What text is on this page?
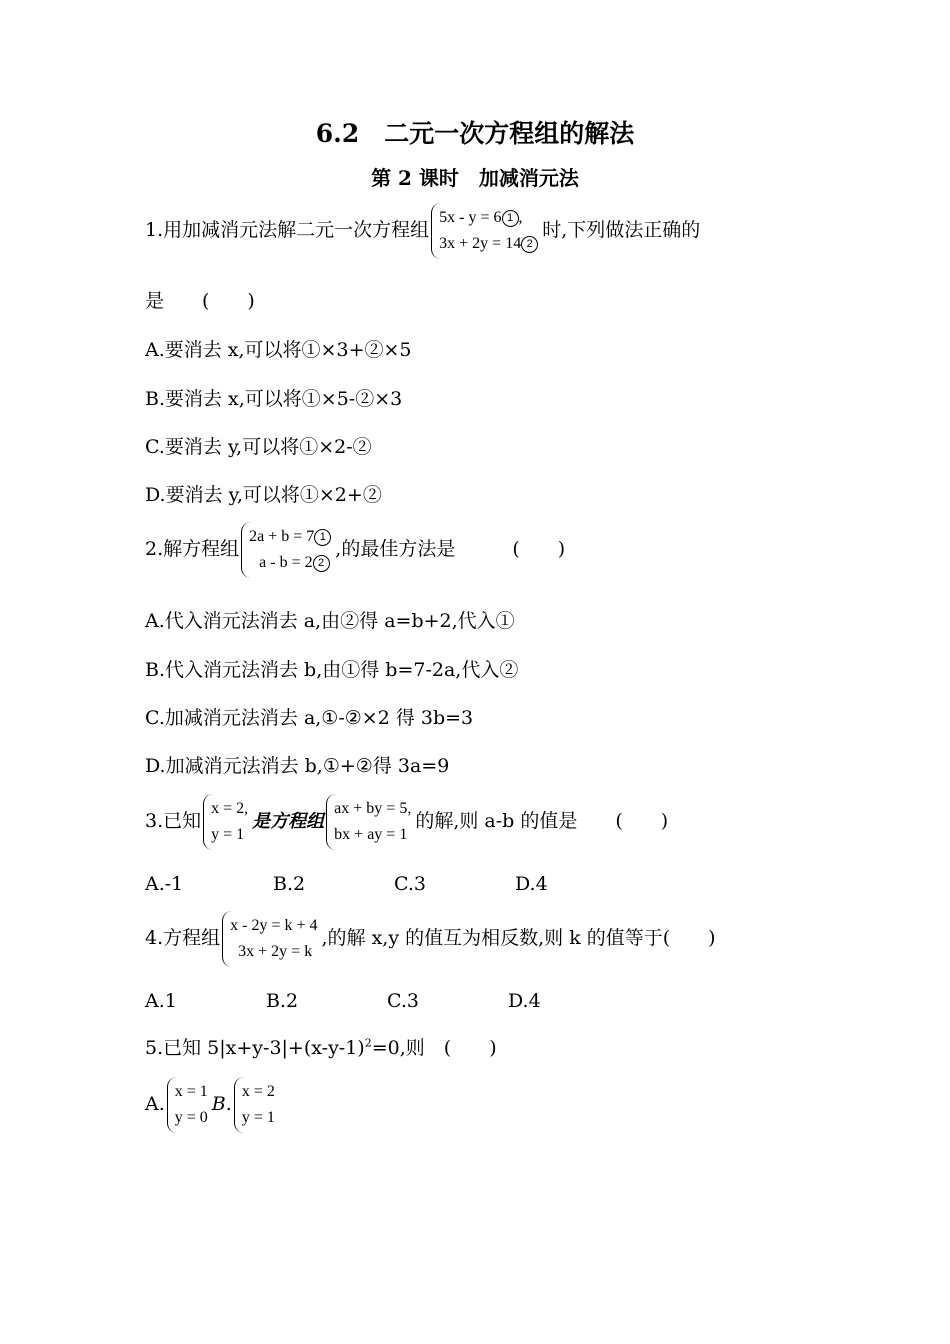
6.2　二元一次方程组的解法
第 2 课时　加减消元法
1.用加减消元法解二元一次方程组
5x - y = 6 1 ,
3x + 2y = 14 2
时,下列做法正确的
是　　(　　)
A.要消去 x,可以将①×3+②×5
B.要消去 x,可以将①×5-②×3
C.要消去 y,可以将①×2-②
D.要消去 y,可以将①×2+②
2.解方程组
2a + b = 7 1
a - b = 2 2
,的最佳方法是　　　(　　)
A.代入消元法消去 a,由②得 a=b+2,代入①
B.代入消元法消去 b,由①得 b=7-2a,代入②
C.加减消元法消去 a,①-②×2 得 3b=3
D.加减消元法消去 b,①+②得 3a=9
3.已知
x = 2,
y = 1
是方程组
ax + by = 5,
bx + ay = 1
的解,则 a-b 的值是　　(　　)
A.-1	B.2	C.3	D.4
4.方程组
x - 2y = k + 4
3x + 2y = k
,的解 x,y 的值互为相反数,则 k 的值等于(　　)
A.1	B.2	C.3	D.4
5.已知 $5|x+y-3|+(x-y-1)^2=0$,则　(　　)
A.
x = 1
y = 0
B.
x = 2
y = 1
